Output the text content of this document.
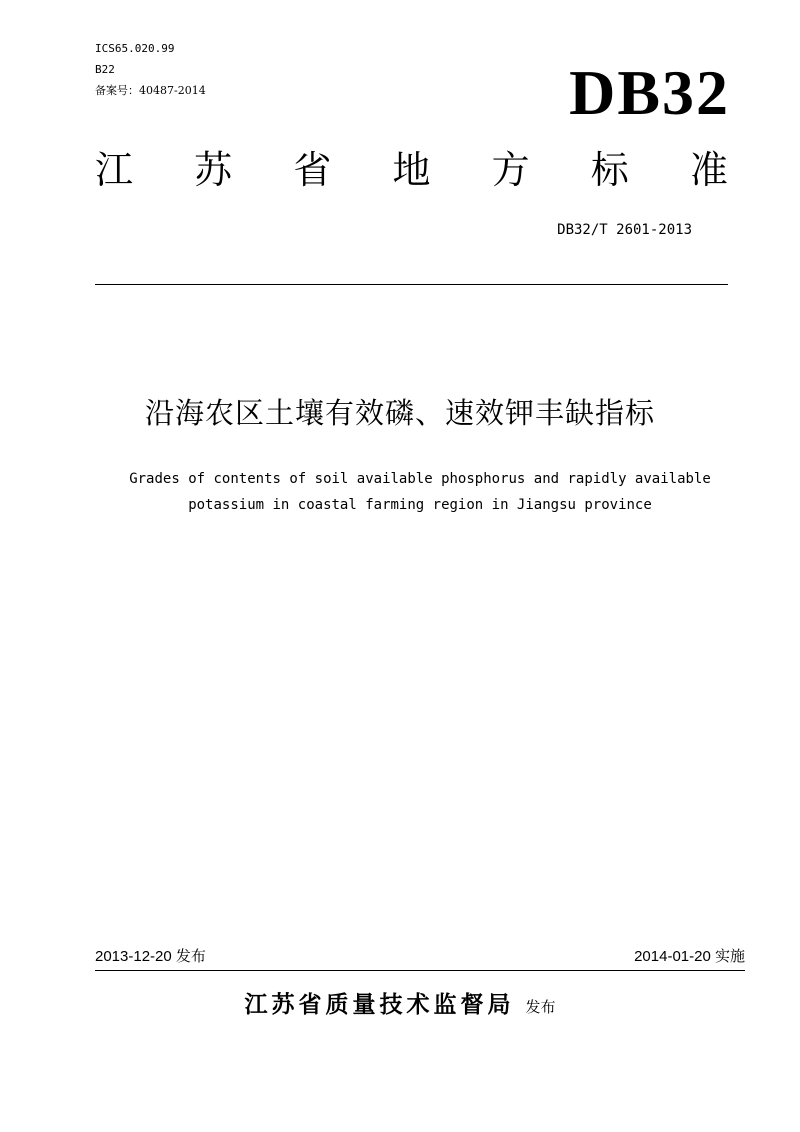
ICS65.020.99
B22
备案号：40487-2014	DB32
江 苏 省 地 方 标 准
DB32/T 2601-2013
沿海农区土壤有效磷、速效钾丰缺指标
Grades of contents of soil available phosphorus and rapidly available
potassium in coastal farming region in Jiangsu province
2013-12-20 发布	2014-01-20 实施
江苏省质量技术监督局 发布
